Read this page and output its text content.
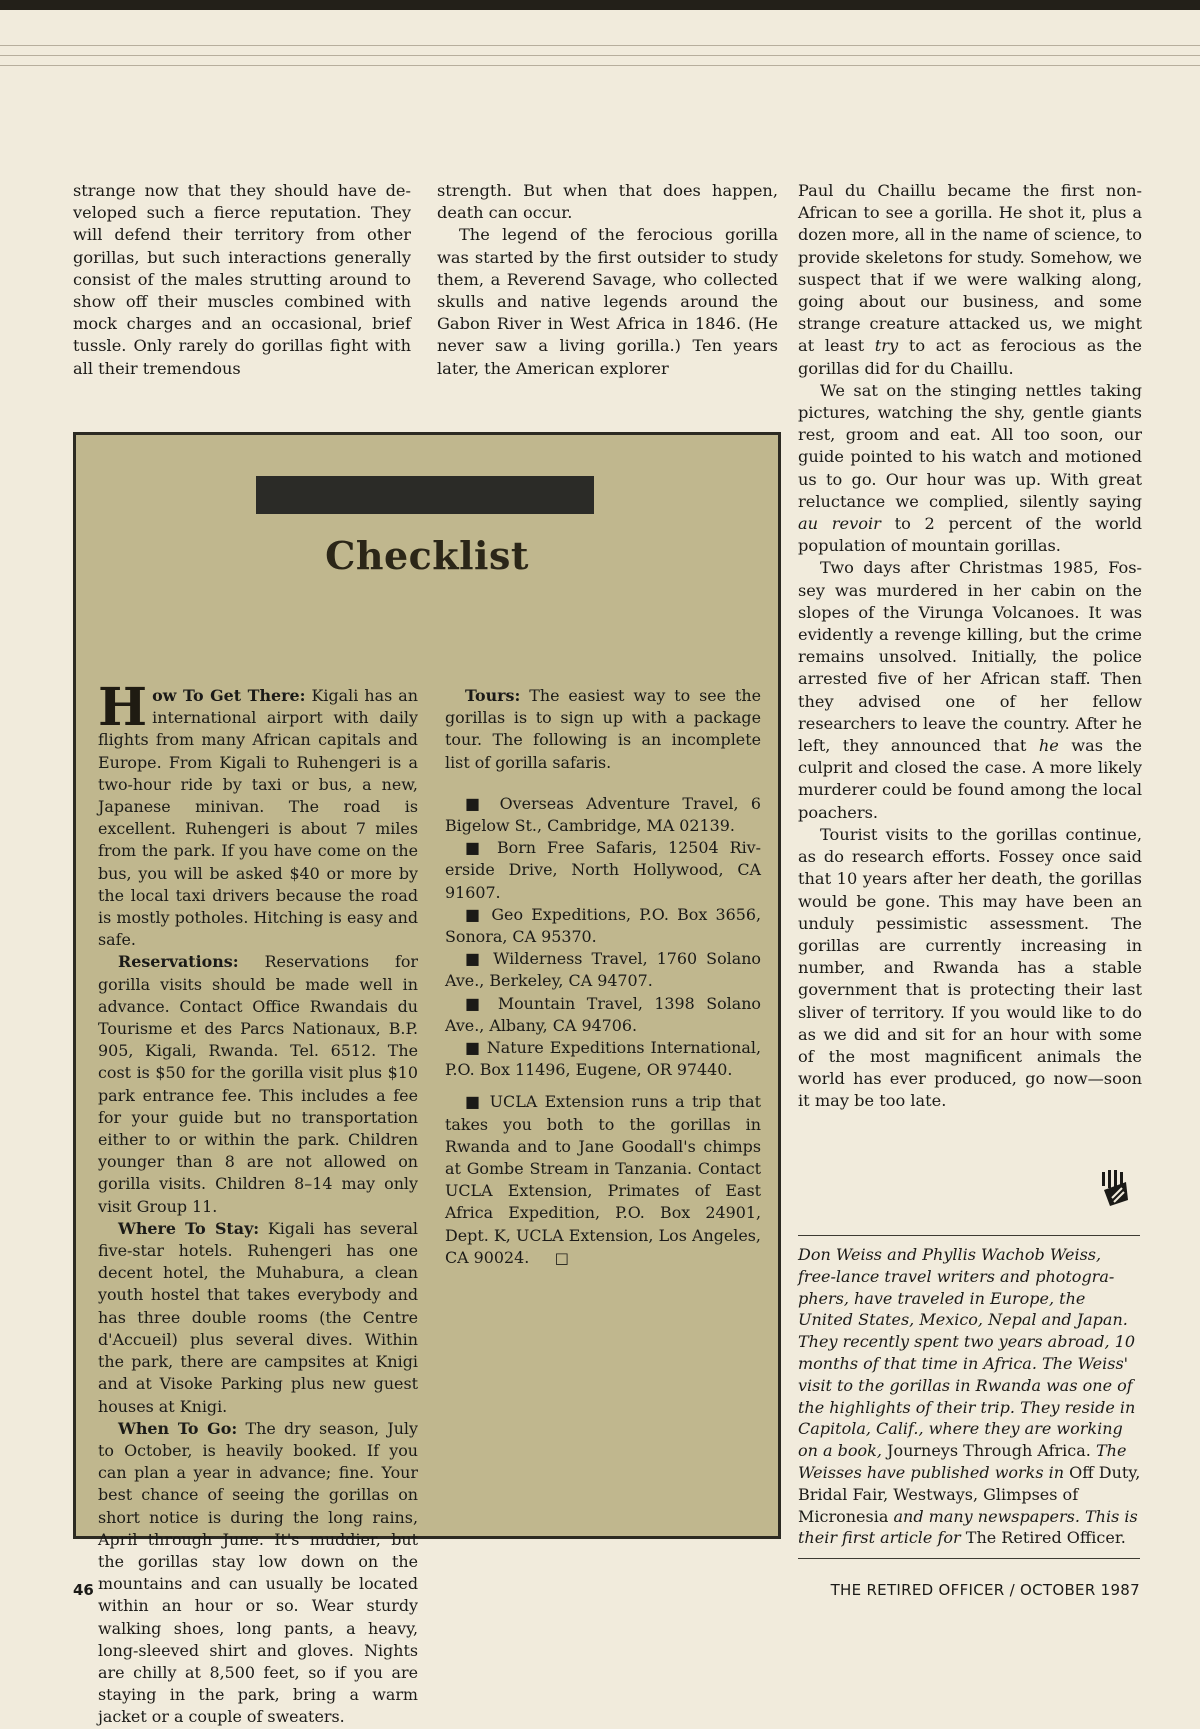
strange now that they should have developed such a fierce reputation. They will defend their territory from other gorillas, but such interactions generally consist of the males strutting around to show off their muscles combined with mock charges and an occasional, brief tussle. Only rarely do gorillas fight with all their tremendous

strength. But when that does happen, death can occur.

The legend of the ferocious gorilla was started by the first outsider to study them, a Reverend Savage, who collected skulls and native legends around the Gabon River in West Africa in 1846. (He never saw a living gorilla.) Ten years later, the American explorer

Paul du Chaillu became the first non-African to see a gorilla. He shot it, plus a dozen more, all in the name of science, to provide skeletons for study. Somehow, we suspect that if we were walking along, going about our business, and some strange creature attacked us, we might at least try to act as ferocious as the gorillas did for du Chaillu.

We sat on the stinging nettles taking pictures, watching the shy, gentle giants rest, groom and eat. All too soon, our guide pointed to his watch and motioned us to go. Our hour was up. With great reluctance we complied, silently saying au revoir to 2 percent of the world population of mountain gorillas.

Two days after Christmas 1985, Fossey was murdered in her cabin on the slopes of the Virunga Volcanoes. It was evidently a revenge killing, but the crime remains unsolved. Initially, the police arrested five of her African staff. Then they advised one of her fellow researchers to leave the country. After he left, they announced that he was the culprit and closed the case. A more likely murderer could be found among the local poachers.

Tourist visits to the gorillas continue, as do research efforts. Fossey once said that 10 years after her death, the gorillas would be gone. This may have been an unduly pessimistic assessment. The gorillas are currently increasing in number, and Rwanda has a stable government that is protecting their last sliver of territory. If you would like to do as we did and sit for an hour with some of the most magnificent animals the world has ever produced, go now—soon it may be too late.

Checklist

How To Get There: Kigali has an international airport with daily flights from many African capitals and Europe. From Kigali to Ruhengeri is a two-hour ride by taxi or bus, a new, Japanese minivan. The road is excellent. Ruhengeri is about 7 miles from the park. If you have come on the bus, you will be asked $40 or more by the local taxi drivers because the road is mostly potholes. Hitching is easy and safe.

Reservations: Reservations for gorilla visits should be made well in advance. Contact Office Rwandais du Tourisme et des Parcs Nationaux, B.P. 905, Kigali, Rwanda. Tel. 6512. The cost is $50 for the gorilla visit plus $10 park entrance fee. This includes a fee for your guide but no transportation either to or within the park. Children younger than 8 are not allowed on gorilla visits. Children 8–14 may only visit Group 11.

Where To Stay: Kigali has several five-star hotels. Ruhengeri has one decent hotel, the Muhabura, a clean youth hostel that takes everybody and has three double rooms (the Centre d'Accueil) plus several dives. Within the park, there are campsites at Knigi and at Visoke Parking plus new guest houses at Knigi.

When To Go: The dry season, July to October, is heavily booked. If you can plan a year in advance; fine. Your best chance of seeing the gorillas on short notice is during the long rains, April through June. It's muddier, but the gorillas stay low down on the mountains and can usually be located within an hour or so. Wear sturdy walking shoes, long pants, a heavy, long-sleeved shirt and gloves. Nights are chilly at 8,500 feet, so if you are staying in the park, bring a warm jacket or a couple of sweaters.

Tours: The easiest way to see the gorillas is to sign up with a package tour. The following is an incomplete list of gorilla safaris.

■ Overseas Adventure Travel, 6 Bigelow St., Cambridge, MA 02139.

■ Born Free Safaris, 12504 Riverside Drive, North Hollywood, CA 91607.

■ Geo Expeditions, P.O. Box 3656, Sonora, CA 95370.

■ Wilderness Travel, 1760 Solano Ave., Berkeley, CA 94707.

■ Mountain Travel, 1398 Solano Ave., Albany, CA 94706.

■ Nature Expeditions International, P.O. Box 11496, Eugene, OR 97440.

■ UCLA Extension runs a trip that takes you both to the gorillas in Rwanda and to Jane Goodall's chimps at Gombe Stream in Tanzania. Contact UCLA Extension, Primates of East Africa Expedition, P.O. Box 24901, Dept. K, UCLA Extension, Los Angeles, CA 90024. □	Don Weiss and Phyllis Wachob Weiss, free-lance travel writers and photographers, have traveled in Europe, the United States, Mexico, Nepal and Japan. They recently spent two years abroad, 10 months of that time in Africa. The Weiss' visit to the gorillas in Rwanda was one of the highlights of their trip. They reside in Capitola, Calif., where they are working on a book, Journeys Through Africa. The Weisses have published works in Off Duty, Bridal Fair, Westways, Glimpses of Micronesia and many newspapers. This is their first article for The Retired Officer.
46	THE RETIRED OFFICER / OCTOBER 1987
